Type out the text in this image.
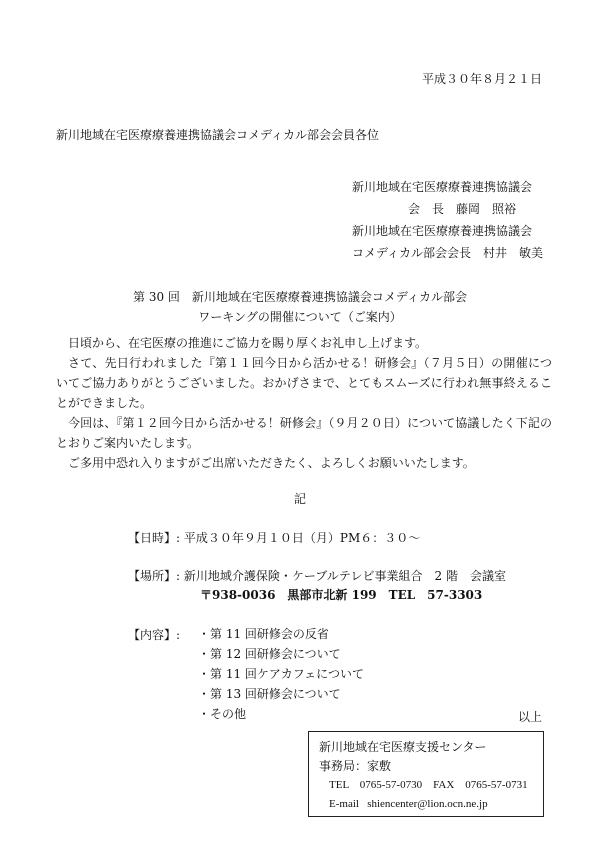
平成３０年８月２１日
新川地域在宅医療療養連携協議会コメディカル部会会員各位
新川地域在宅医療療養連携協議会
会　長 藤岡　照裕
新川地域在宅医療療養連携協議会
コメディカル部会会長 村井　敏美
第 30 回　新川地域在宅医療療養連携協議会コメディカル部会
ワーキングの開催について（ご案内）

日頃から、在宅医療の推進にご協力を賜り厚くお礼申し上げます。

さて、先日行われました『第１１回今日から活かせる！研修会』（７月５日）の開催についてご協力ありがとうございました。おかげさまで、とてもスムーズに行われ無事終えることができました。

今回は、『第１２回今日から活かせる！研修会』（９月２０日）について協議したく下記のとおりご案内いたします。

ご多用中恐れ入りますがご出席いただきたく、よろしくお願いいたします。

記
【日時】: 平成３０年９月１０日（月）PM６：３０～
【場所】: 新川地域介護保険・ケーブルテレビ事業組合　2 階　会議室
〒938-0036　黒部市北新 199　TEL　57-3303
【内容】: ・第 11 回研修会の反省
・第 12 回研修会について
・第 11 回ケアカフェについて
・第 13 回研修会について
・その他	以上
新川地域在宅医療支援センター
事務局：家敷
TEL　0765-57-0730　FAX　0765-57-0731
E-mail shiencenter@lion.ocn.ne.jp
